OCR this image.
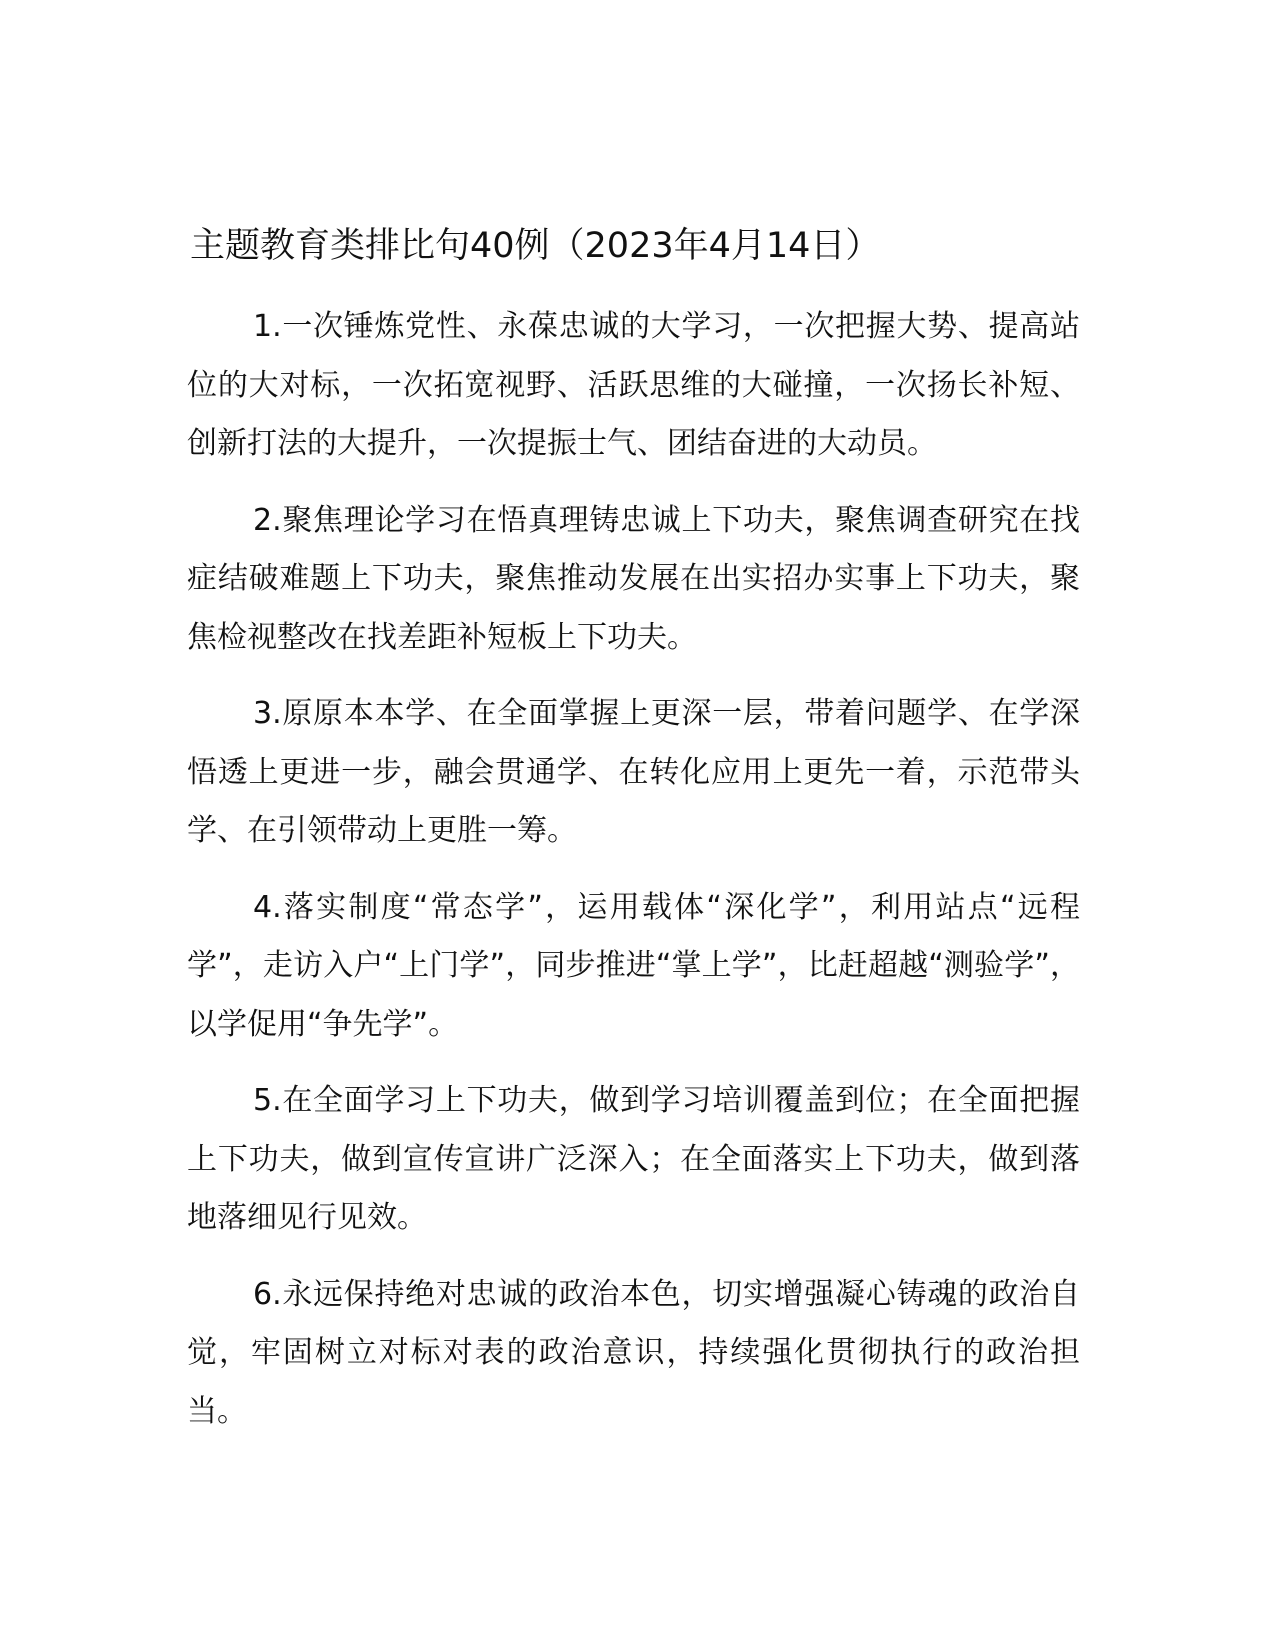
主题教育类排比句40例（2023年4月14日）

1.一次锤炼党性、永葆忠诚的大学习，一次把握大势、提高站位的大对标，一次拓宽视野、活跃思维的大碰撞，一次扬长补短、创新打法的大提升，一次提振士气、团结奋进的大动员。

2.聚焦理论学习在悟真理铸忠诚上下功夫，聚焦调查研究在找症结破难题上下功夫，聚焦推动发展在出实招办实事上下功夫，聚焦检视整改在找差距补短板上下功夫。

3.原原本本学、在全面掌握上更深一层，带着问题学、在学深悟透上更进一步，融会贯通学、在转化应用上更先一着，示范带头学、在引领带动上更胜一筹。

4.落实制度“常态学”，运用载体“深化学”，利用站点“远程学”，走访入户“上门学”，同步推进“掌上学”，比赶超越“测验学”，以学促用“争先学”。

5.在全面学习上下功夫，做到学习培训覆盖到位；在全面把握上下功夫，做到宣传宣讲广泛深入；在全面落实上下功夫，做到落地落细见行见效。

6.永远保持绝对忠诚的政治本色，切实增强凝心铸魂的政治自觉，牢固树立对标对表的政治意识，持续强化贯彻执行的政治担当。
